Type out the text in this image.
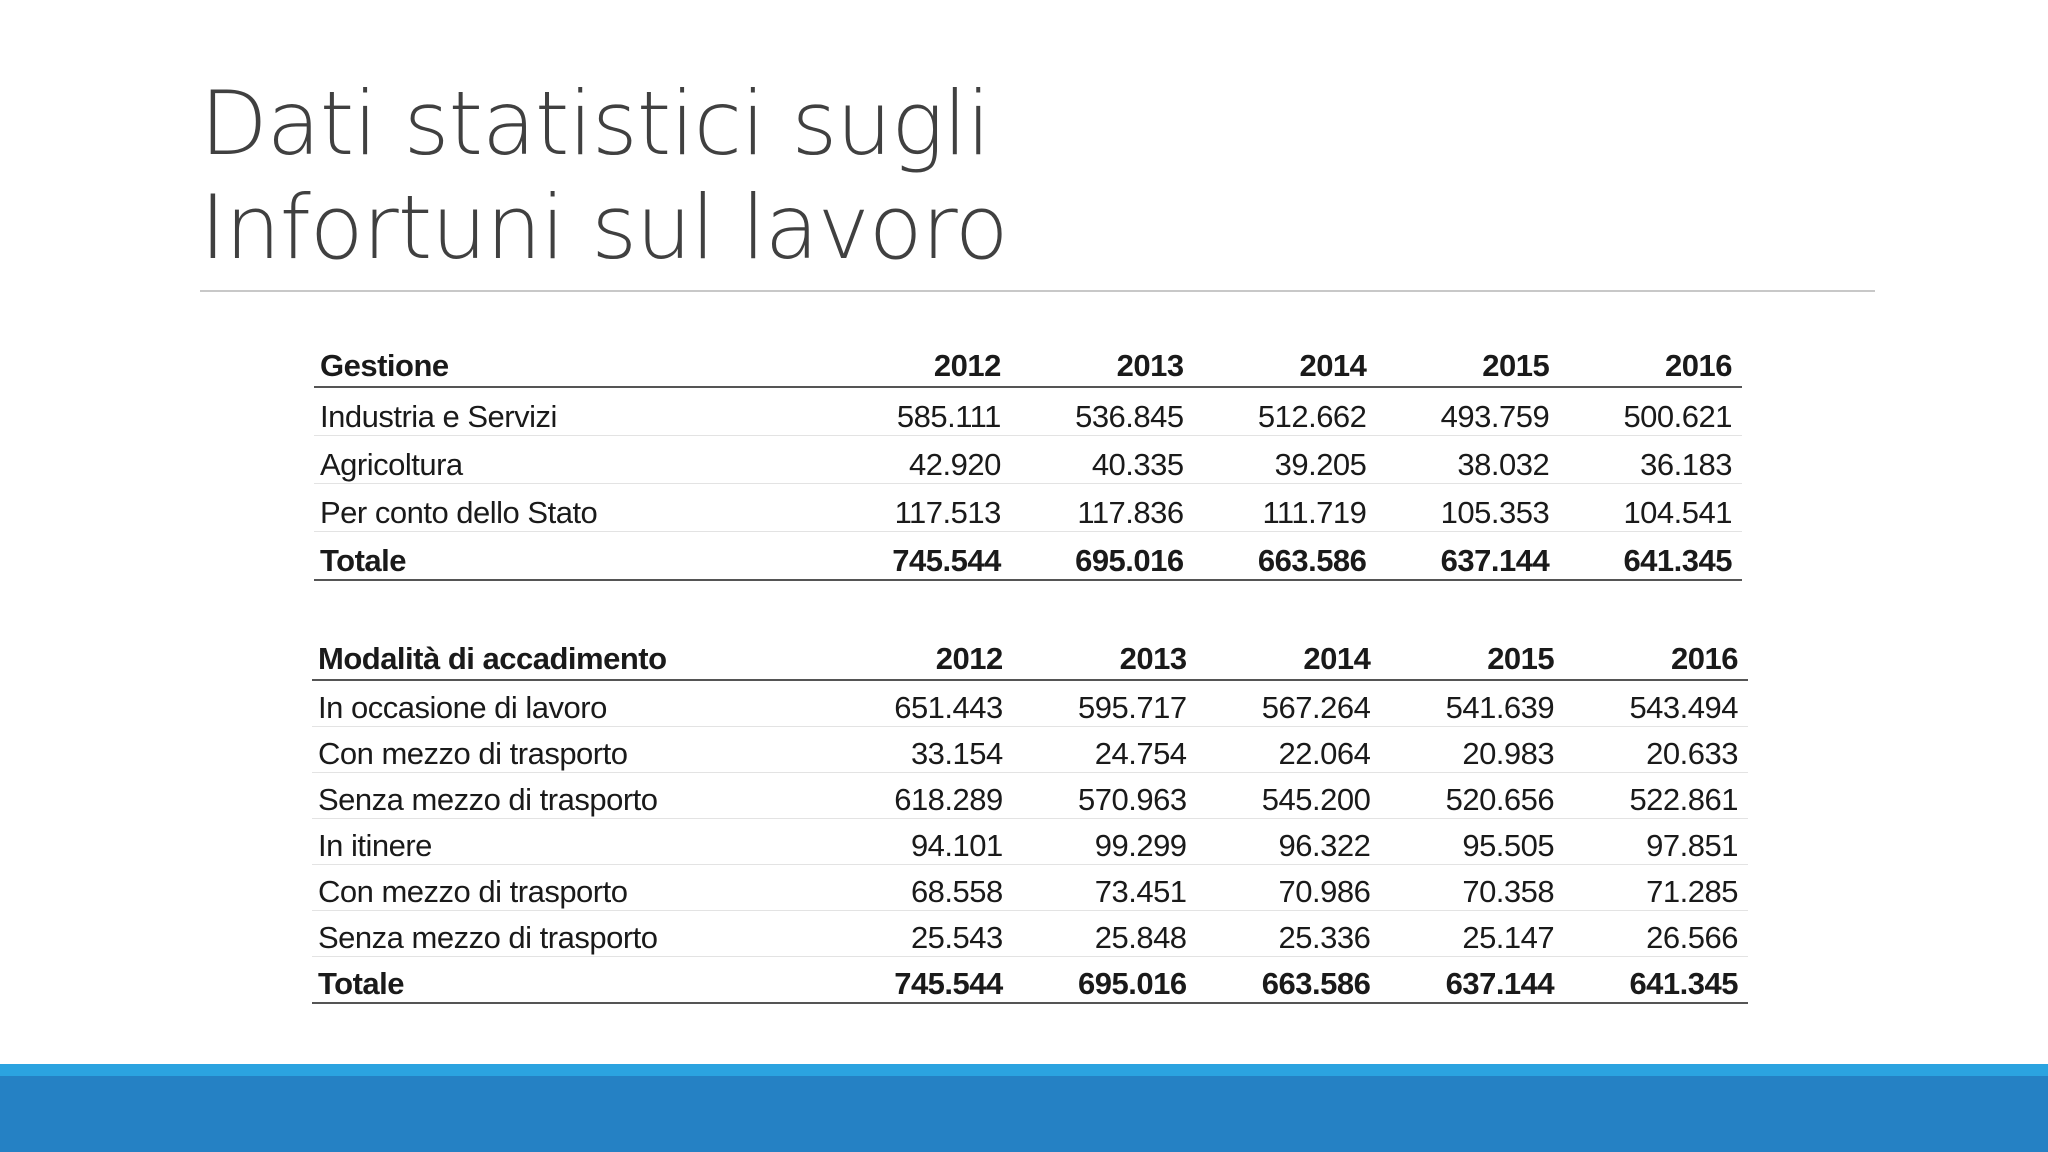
Dati statistici sugli
Infortuni sul lavoro
Gestione	2012	2013	2014	2015	2016
Industria e Servizi	585.111	536.845	512.662	493.759	500.621
Agricoltura	42.920	40.335	39.205	38.032	36.183
Per conto dello Stato	117.513	117.836	111.719	105.353	104.541
Totale	745.544	695.016	663.586	637.144	641.345
Modalità di accadimento	2012	2013	2014	2015	2016
In occasione di lavoro	651.443	595.717	567.264	541.639	543.494
Con mezzo di trasporto	33.154	24.754	22.064	20.983	20.633
Senza mezzo di trasporto	618.289	570.963	545.200	520.656	522.861
In itinere	94.101	99.299	96.322	95.505	97.851
Con mezzo di trasporto	68.558	73.451	70.986	70.358	71.285
Senza mezzo di trasporto	25.543	25.848	25.336	25.147	26.566
Totale	745.544	695.016	663.586	637.144	641.345
